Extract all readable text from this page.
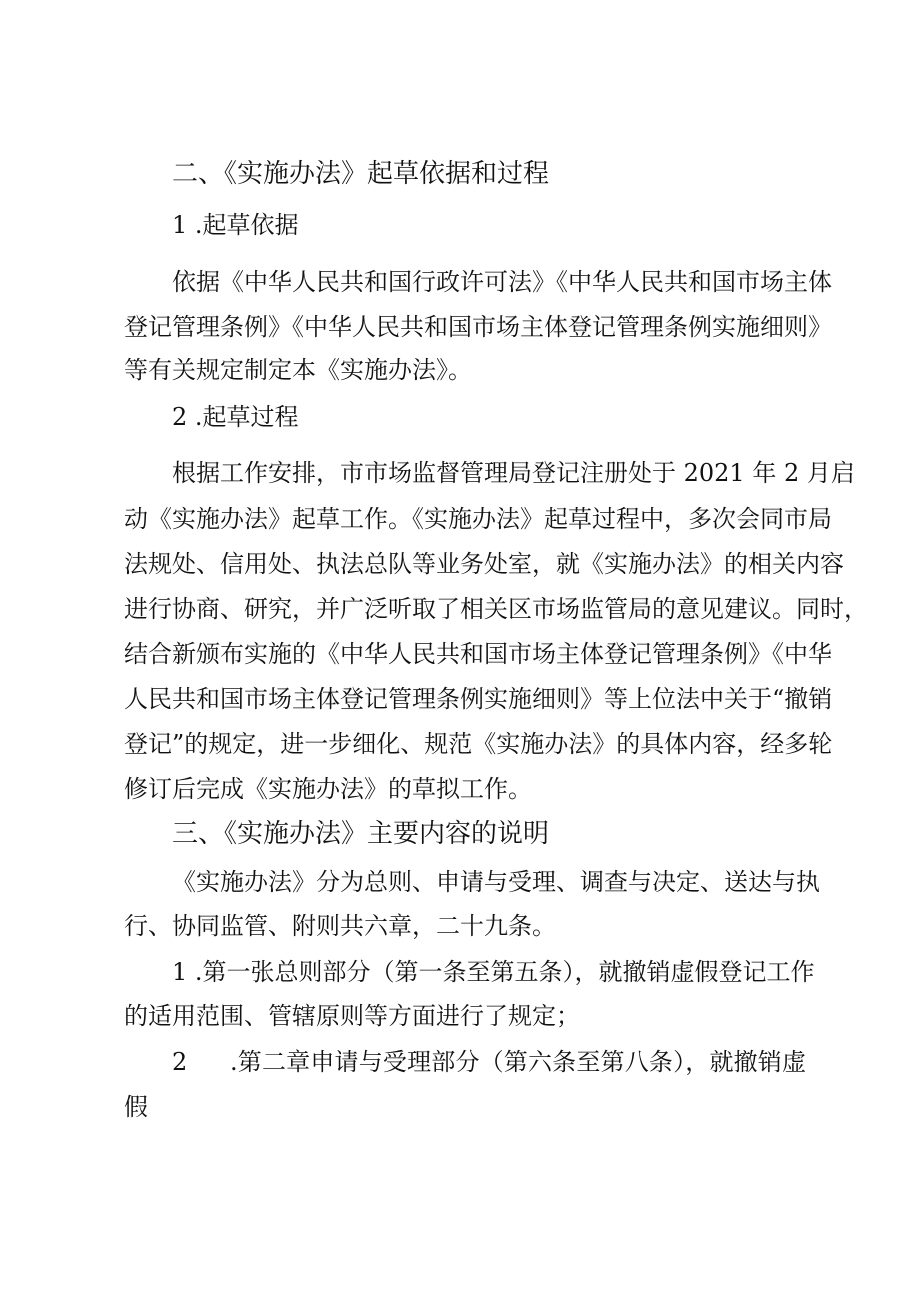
二、《实施办法》起草依据和过程
1 .起草依据
依据《中华人民共和国行政许可法》《中华人民共和国市场主体
登记管理条例》《中华人民共和国市场主体登记管理条例实施细则》
等有关规定制定本《实施办法》。
2 .起草过程
根据工作安排，市市场监督管理局登记注册处于 2021 年 2 月启
动《实施办法》起草工作。《实施办法》起草过程中，多次会同市局
法规处、信用处、执法总队等业务处室，就《实施办法》的相关内容
进行协商、研究，并广泛听取了相关区市场监管局的意见建议。同时，
结合新颁布实施的《中华人民共和国市场主体登记管理条例》《中华
人民共和国市场主体登记管理条例实施细则》等上位法中关于“撤销
登记”的规定，进一步细化、规范《实施办法》的具体内容，经多轮
修订后完成《实施办法》的草拟工作。
三、《实施办法》主要内容的说明
《实施办法》分为总则、申请与受理、调查与决定、送达与执
行、协同监管、附则共六章，二十九条。
1 .第一张总则部分（第一条至第五条），就撤销虚假登记工作
的适用范围、管辖原则等方面进行了规定；
2 .第二章申请与受理部分（第六条至第八条），就撤销虚
假
